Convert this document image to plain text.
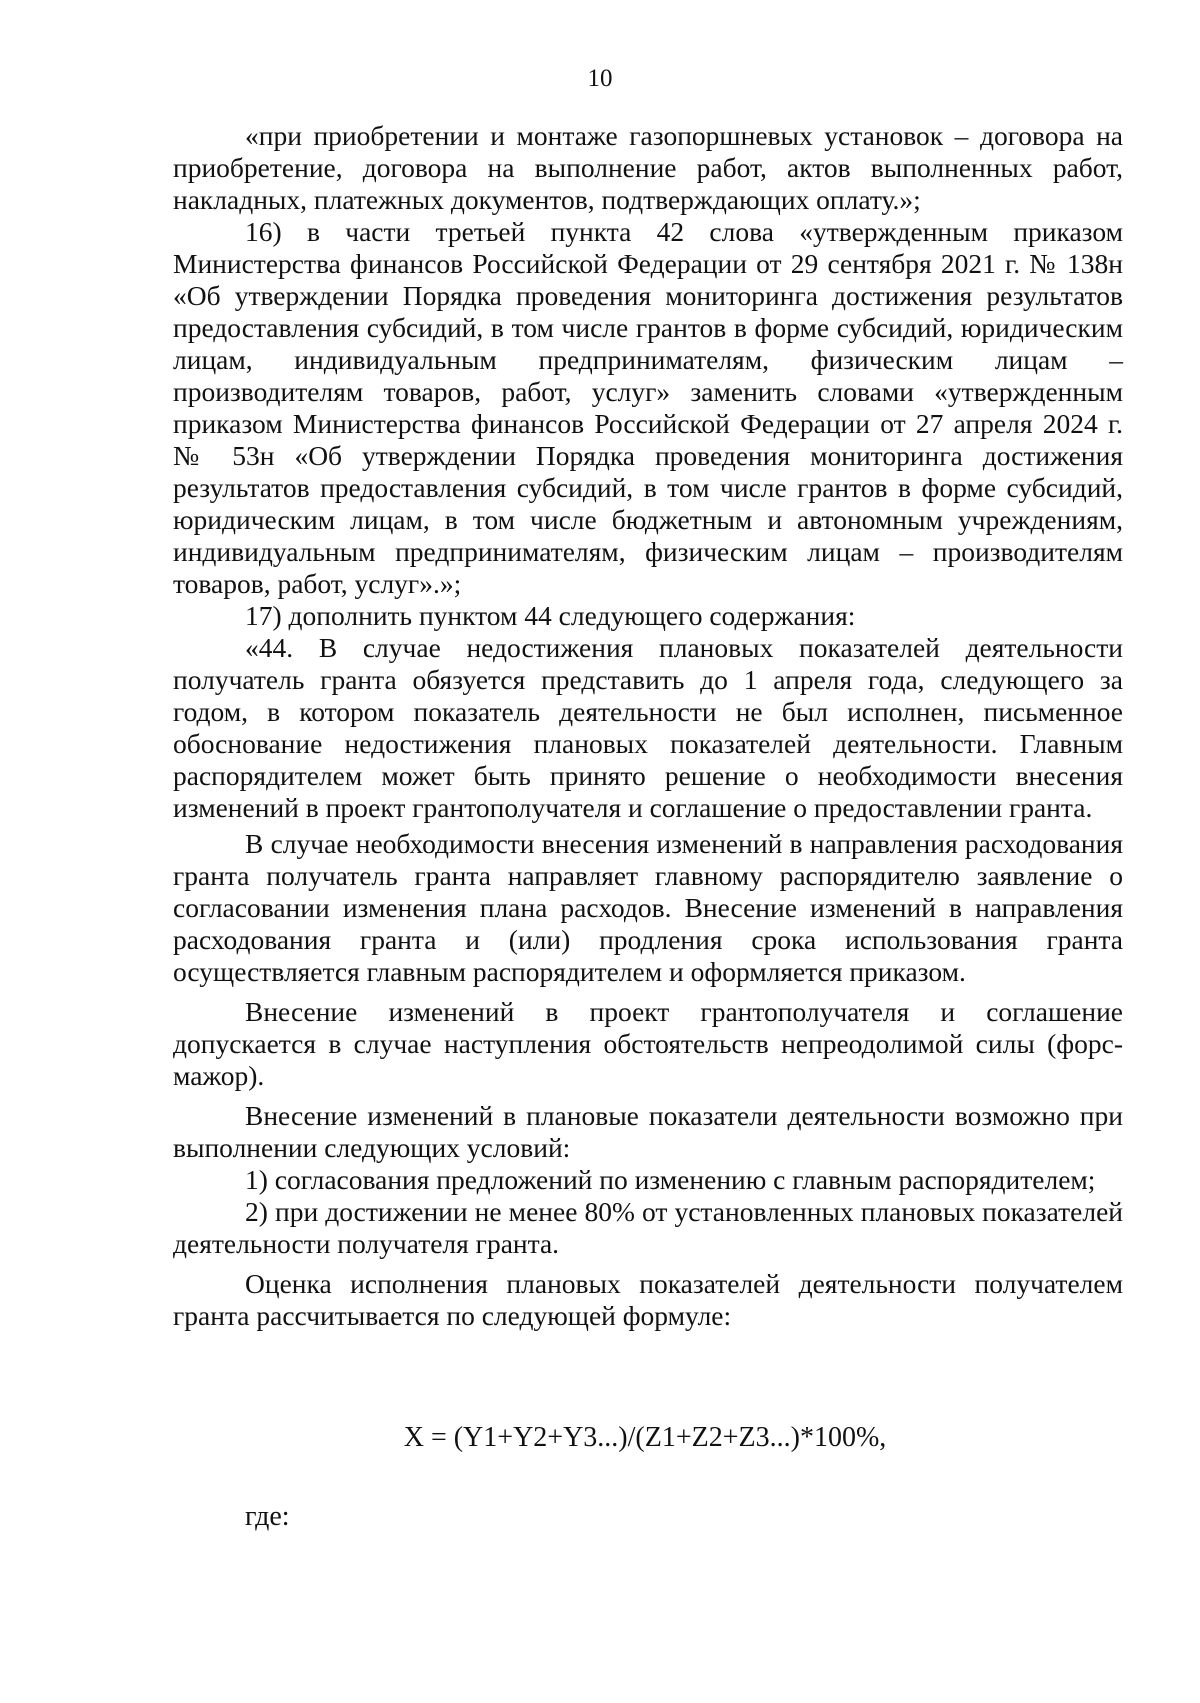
10

«при приобретении и монтаже газопоршневых установок – договора на приобретение, договора на выполнение работ, актов выполненных работ, накладных, платежных документов, подтверждающих оплату.»;

16) в части третьей пункта 42 слова «утвержденным приказом Министерства финансов Российской Федерации от 29 сентября 2021 г. № 138н «Об утверждении Порядка проведения мониторинга достижения результатов предоставления субсидий, в том числе грантов в форме субсидий, юридическим лицам, индивидуальным предпринимателям, физическим лицам – производителям товаров, работ, услуг» заменить словами «утвержденным приказом Министерства финансов Российской Федерации от 27 апреля 2024 г. № 53н «Об утверждении Порядка проведения мониторинга достижения результатов предоставления субсидий, в том числе грантов в форме субсидий, юридическим лицам, в том числе бюджетным и автономным учреждениям, индивидуальным предпринимателям, физическим лицам – производителям товаров, работ, услуг».»;

17) дополнить пунктом 44 следующего содержания:

«44. В случае недостижения плановых показателей деятельности получатель гранта обязуется представить до 1 апреля года, следующего за годом, в котором показатель деятельности не был исполнен, письменное обоснование недостижения плановых показателей деятельности. Главным распорядителем может быть принято решение о необходимости внесения изменений в проект грантополучателя и соглашение о предоставлении гранта.

В случае необходимости внесения изменений в направления расходования гранта получатель гранта направляет главному распорядителю заявление о согласовании изменения плана расходов. Внесение изменений в направления расходования гранта и (или) продления срока использования гранта осуществляется главным распорядителем и оформляется приказом.

Внесение изменений в проект грантополучателя и соглашение допускается в случае наступления обстоятельств непреодолимой силы (форс-мажор).

Внесение изменений в плановые показатели деятельности возможно при выполнении следующих условий:

1) согласования предложений по изменению с главным распорядителем;

2) при достижении не менее 80% от установленных плановых показателей деятельности получателя гранта.

Оценка исполнения плановых показателей деятельности получателем гранта рассчитывается по следующей формуле:

X = (Y1+Y2+Y3...)/(Z1+Z2+Z3...)*100%,
где:
